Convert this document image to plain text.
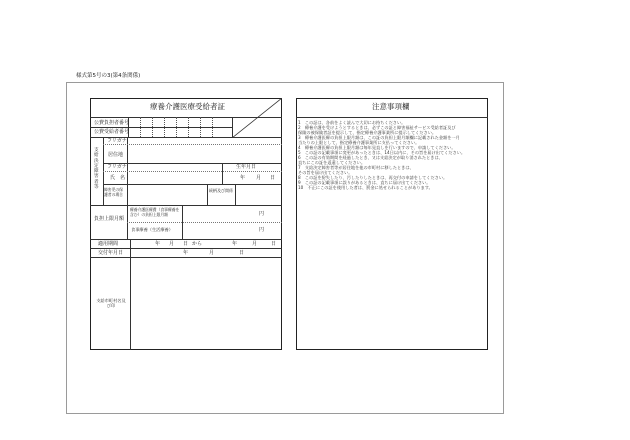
様式第5号の3(第4条関係)
療養介護医療受給者証
公費負担者番号
公費受給者番号
支給決定障害者等
フリガナ
居住地
フリガナ	生年月日
氏　名	年 月 日
障害児の保護者の場合
続柄及び関係
負担上限月額
療養介護医療費（食事療養を含む）の負担上限月額	円
食事療養（生活療養）	円
適用期間	年 月 日 から	年	月	日
交付年月日	年	月	日
支給市町村名及び印
注意事項欄
1　この証は、各前をよく読んで大切にお持ちください。
2　療養介護を受けようとするときは、必ずこの証と障害福祉サービス受給者証及び
保険の被保険者証を提示して、指定療養介護事業所に提示してください。
3　療養介護医療の負担上限月額は、この証の負担上限月額欄に記載された金額を一月
当たりの上限として、指定療養介護事業所に支払ってください。
4　療養介護医療の負担上限月額は毎年見直しを行いますので、申請してください。
5　この証の記載事項に変更があったときは、14日以内に、その旨を届け出てください。
6　この証の有効期間を経過したとき、又は支給決定が取り消されたときは、
直ちにこの証を返還してください。
7　支給決定障害者等が居住地を他の市町村に移したときは、
その旨を届け出てください。
8　この証を紛失したり、汚したりしたときは、再交付の申請をしてください。
9　この証の記載事項に誤りがあるときは、直ちに届け出てください。
10　不正にこの証を使用した者は、罰金に処せられることがあります。
